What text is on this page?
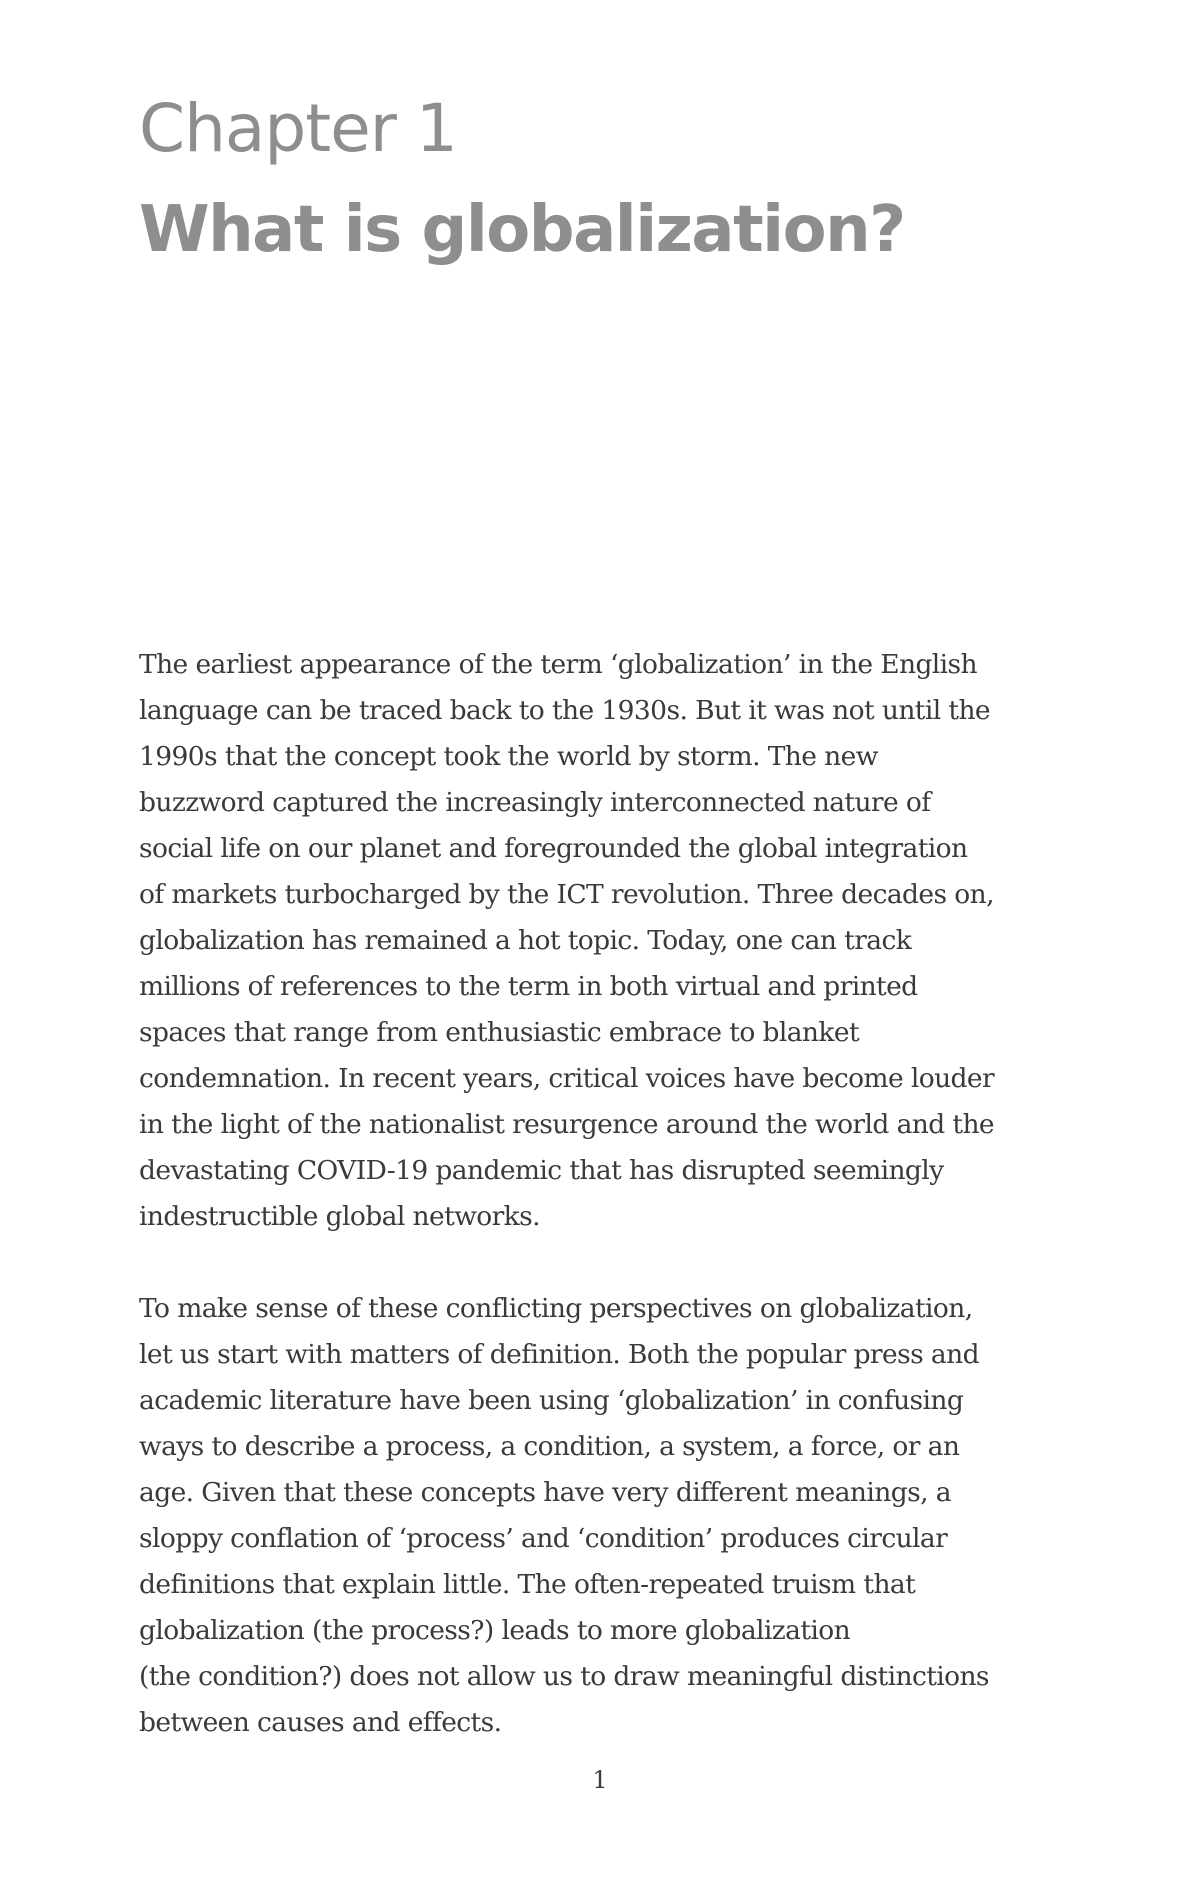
Chapter 1
What is globalization?

The earliest appearance of the term ‘globalization’ in the English
language can be traced back to the 1930s. But it was not until the
1990s that the concept took the world by storm. The new
buzzword captured the increasingly interconnected nature of
social life on our planet and foregrounded the global integration
of markets turbocharged by the ICT revolution. Three decades on,
globalization has remained a hot topic. Today, one can track
millions of references to the term in both virtual and printed
spaces that range from enthusiastic embrace to blanket
condemnation. In recent years, critical voices have become louder
in the light of the nationalist resurgence around the world and the
devastating COVID-19 pandemic that has disrupted seemingly
indestructible global networks.

To make sense of these conflicting perspectives on globalization,
let us start with matters of definition. Both the popular press and
academic literature have been using ‘globalization’ in confusing
ways to describe a process, a condition, a system, a force, or an
age. Given that these concepts have very different meanings, a
sloppy conflation of ‘process’ and ‘condition’ produces circular
definitions that explain little. The often-repeated truism that
globalization (the process?) leads to more globalization
(the condition?) does not allow us to draw meaningful distinctions
between causes and effects.

1
